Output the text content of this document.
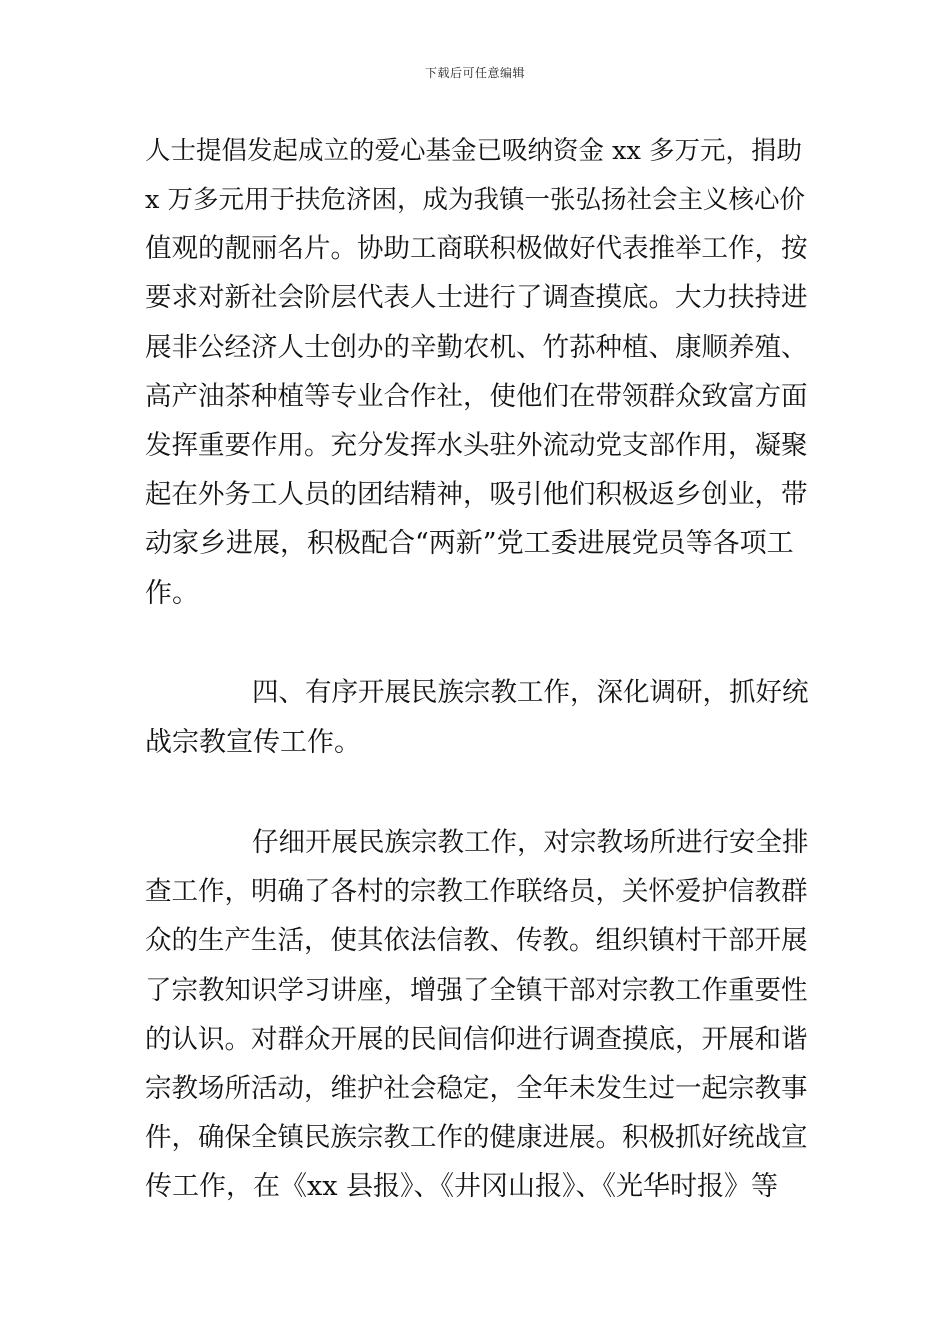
下载后可任意编辑
人士提倡发起成立的爱心基金已吸纳资金 xx 多万元，捐助
x 万多元用于扶危济困，成为我镇一张弘扬社会主义核心价
值观的靓丽名片。协助工商联积极做好代表推举工作，按
要求对新社会阶层代表人士进行了调查摸底。大力扶持进
展非公经济人士创办的辛勤农机、竹荪种植、康顺养殖、
高产油茶种植等专业合作社，使他们在带领群众致富方面
发挥重要作用。充分发挥水头驻外流动党支部作用，凝聚
起在外务工人员的团结精神，吸引他们积极返乡创业，带
动家乡进展，积极配合“两新”党工委进展党员等各项工
作。
四、有序开展民族宗教工作，深化调研，抓好统
战宗教宣传工作。
仔细开展民族宗教工作，对宗教场所进行安全排
查工作，明确了各村的宗教工作联络员，关怀爱护信教群
众的生产生活，使其依法信教、传教。组织镇村干部开展
了宗教知识学习讲座，增强了全镇干部对宗教工作重要性
的认识。对群众开展的民间信仰进行调查摸底，开展和谐
宗教场所活动，维护社会稳定，全年未发生过一起宗教事
件，确保全镇民族宗教工作的健康进展。积极抓好统战宣
传工作，在《xx 县报》、《井冈山报》、《光华时报》等
